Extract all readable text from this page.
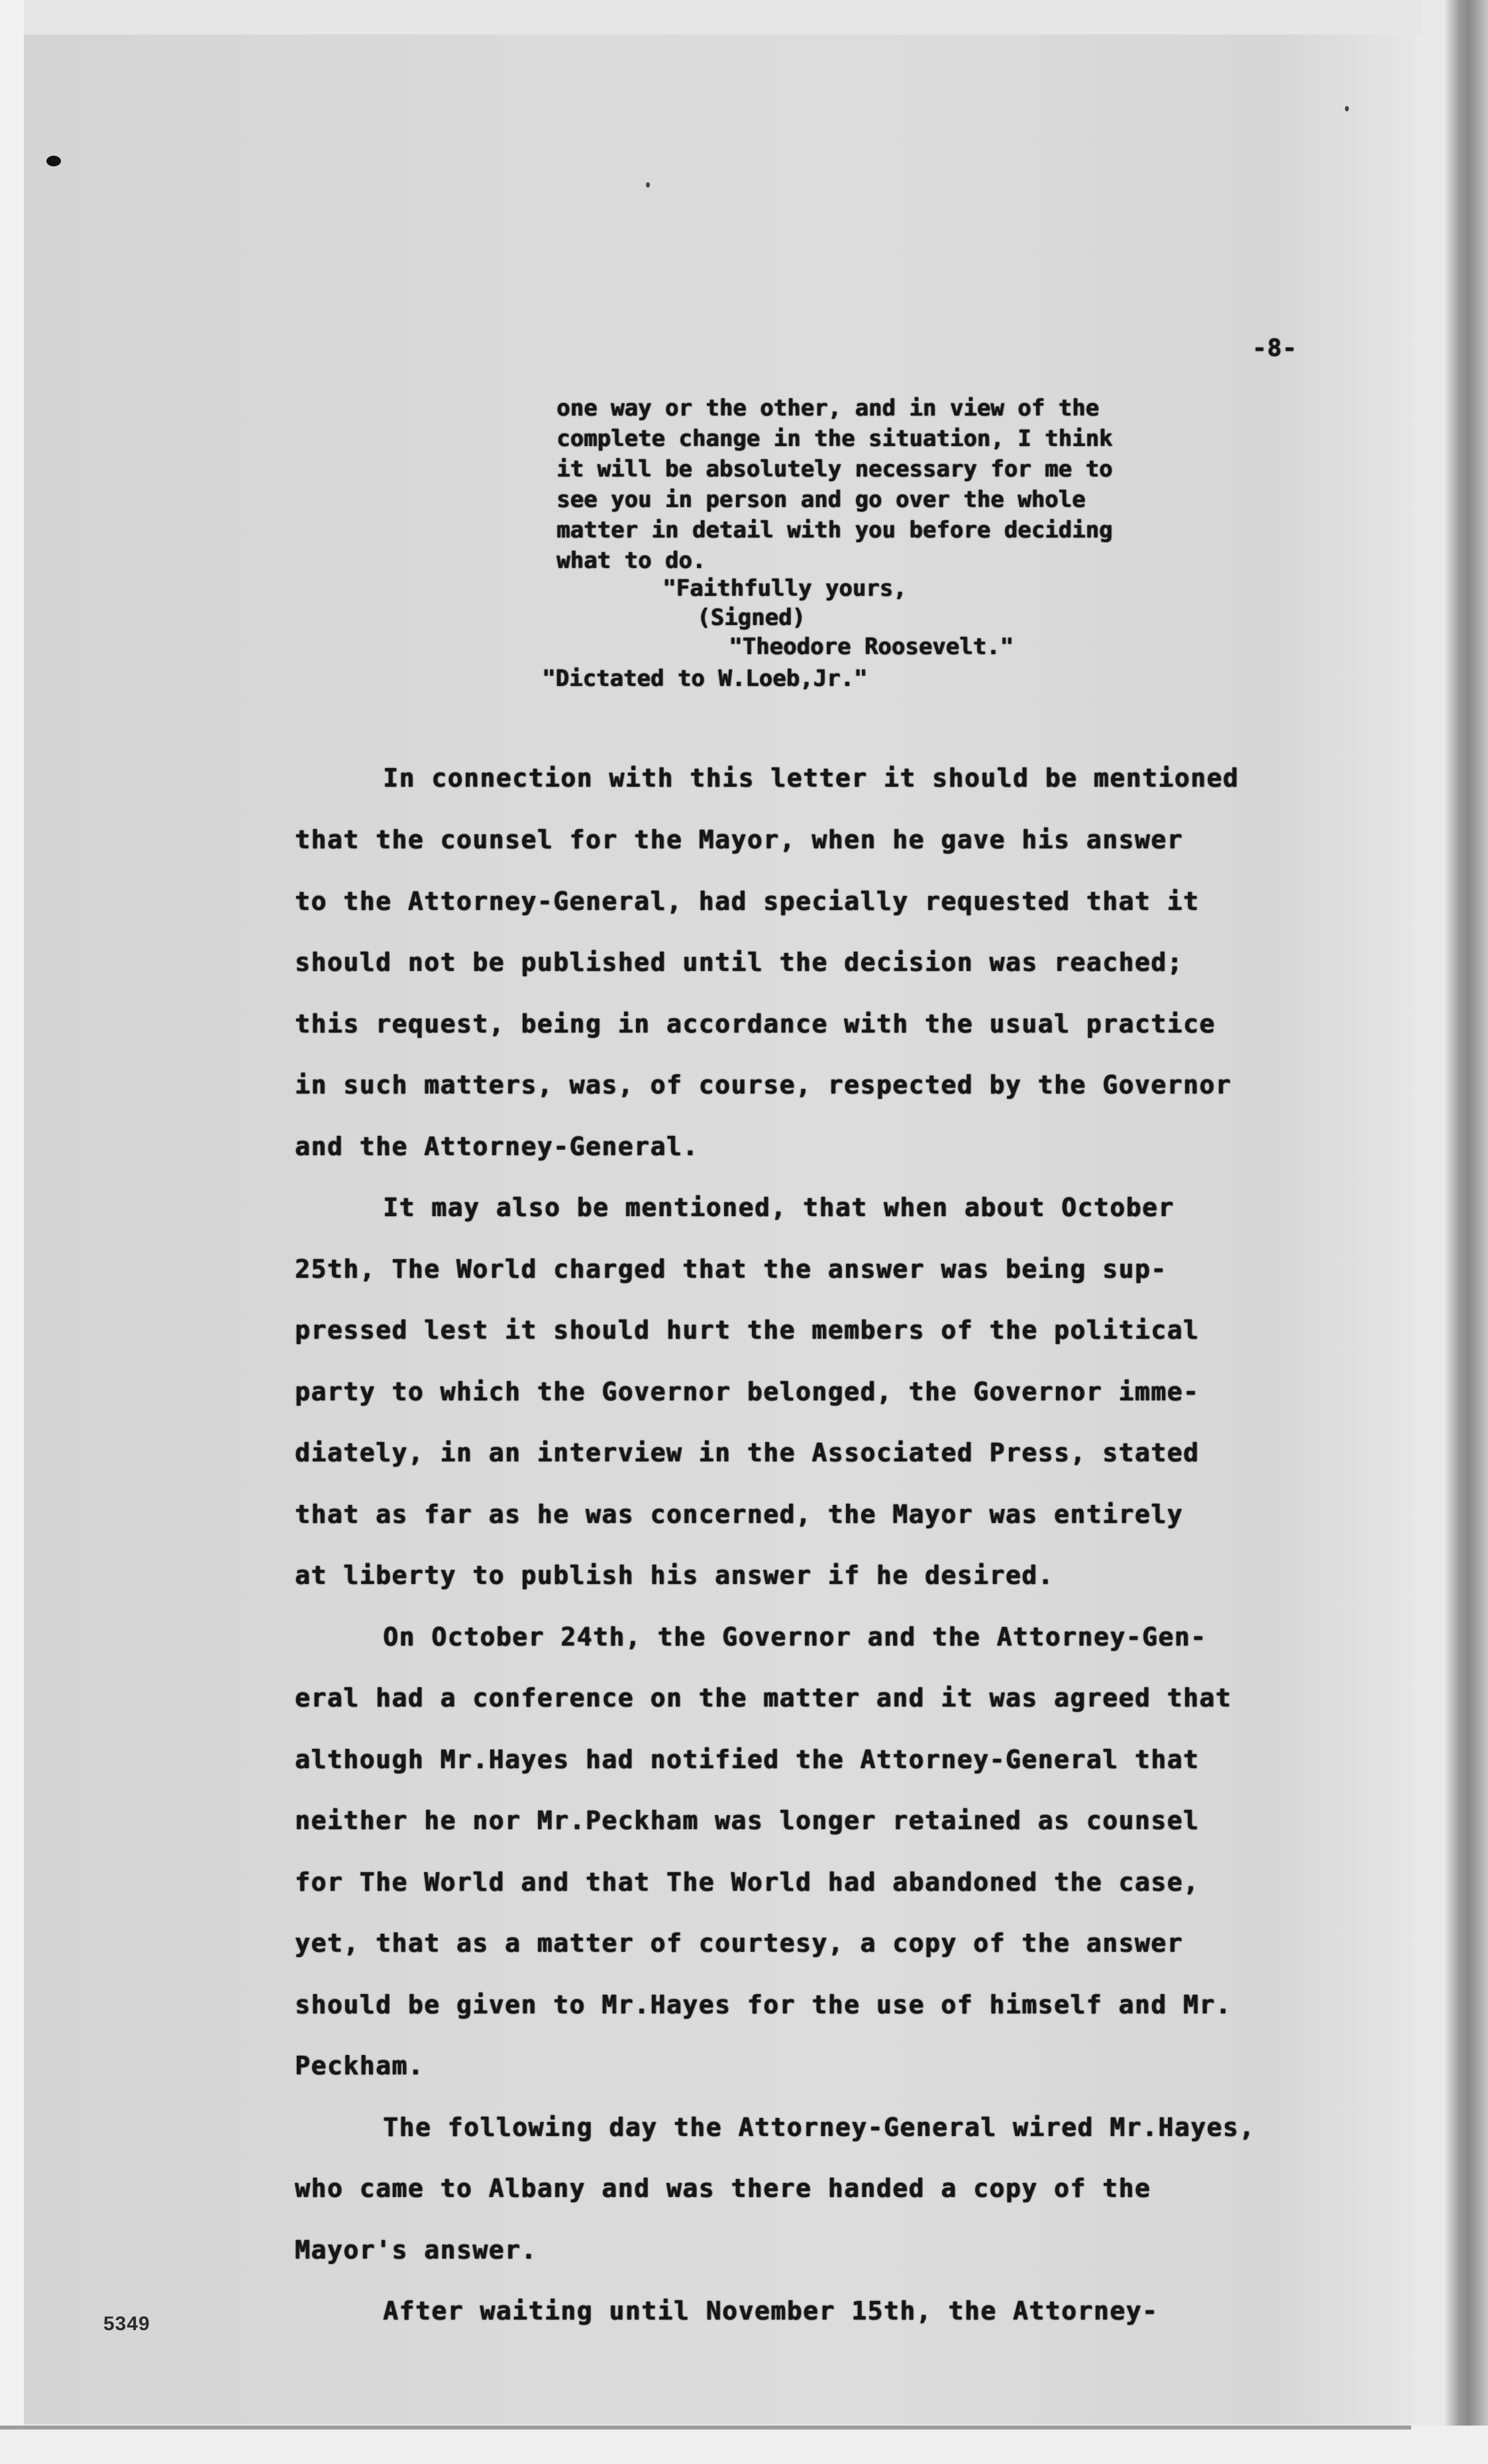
-8-
one way or the other, and in view of the
complete change in the situation, I think
it will be absolutely necessary for me to
see you in person and go over the whole
matter in detail with you before deciding
what to do.
"Faithfully yours,
(Signed)
"Theodore Roosevelt."
"Dictated to W.Loeb,Jr."
In connection with this letter it should be mentioned
that the counsel for the Mayor, when he gave his answer
to the Attorney-General, had specially requested that it
should not be published until the decision was reached;
this request, being in accordance with the usual practice
in such matters, was, of course, respected by the Governor
and the Attorney-General.
It may also be mentioned, that when about October
25th, The World charged that the answer was being sup-
pressed lest it should hurt the members of the political
party to which the Governor belonged, the Governor imme-
diately, in an interview in the Associated Press, stated
that as far as he was concerned, the Mayor was entirely
at liberty to publish his answer if he desired.
On October 24th, the Governor and the Attorney-Gen-
eral had a conference on the matter and it was agreed that
although Mr.Hayes had notified the Attorney-General that
neither he nor Mr.Peckham was longer retained as counsel
for The World and that The World had abandoned the case,
yet, that as a matter of courtesy, a copy of the answer
should be given to Mr.Hayes for the use of himself and Mr.
Peckham.
The following day the Attorney-General wired Mr.Hayes,
who came to Albany and was there handed a copy of the
Mayor's answer.
After waiting until November 15th, the Attorney-
5349
